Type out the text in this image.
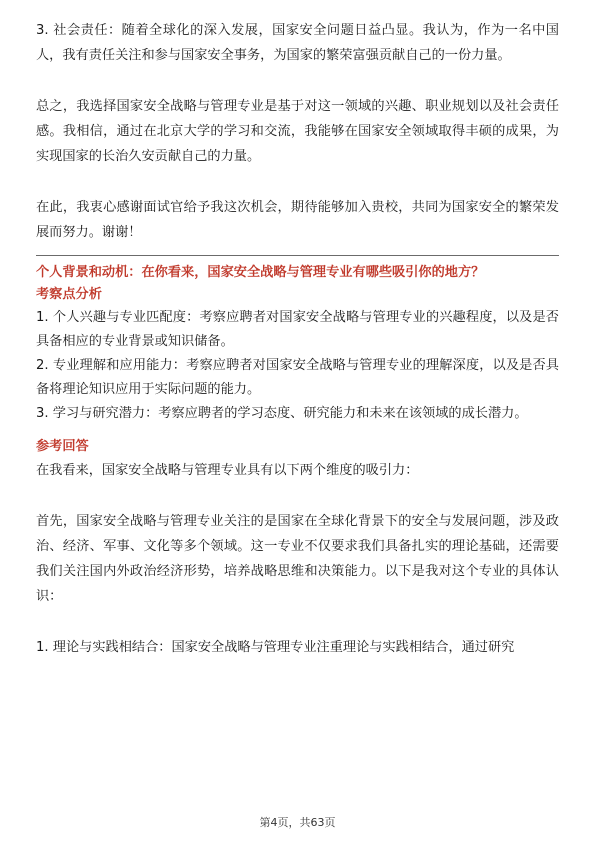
3. 社会责任：随着全球化的深入发展，国家安全问题日益凸显。我认为，作为一名中国人，我有责任关注和参与国家安全事务，为国家的繁荣富强贡献自己的一份力量。

总之，我选择国家安全战略与管理专业是基于对这一领域的兴趣、职业规划以及社会责任感。我相信，通过在北京大学的学习和交流，我能够在国家安全领域取得丰硕的成果，为实现国家的长治久安贡献自己的力量。

在此，我衷心感谢面试官给予我这次机会，期待能够加入贵校，共同为国家安全的繁荣发展而努力。谢谢！

个人背景和动机：在你看来，国家安全战略与管理专业有哪些吸引你的地方？
考察点分析

1. 个人兴趣与专业匹配度：考察应聘者对国家安全战略与管理专业的兴趣程度，以及是否具备相应的专业背景或知识储备。

2. 专业理解和应用能力：考察应聘者对国家安全战略与管理专业的理解深度，以及是否具备将理论知识应用于实际问题的能力。

3. 学习与研究潜力：考察应聘者的学习态度、研究能力和未来在该领域的成长潜力。

参考回答

在我看来，国家安全战略与管理专业具有以下两个维度的吸引力：

首先，国家安全战略与管理专业关注的是国家在全球化背景下的安全与发展问题，涉及政治、经济、军事、文化等多个领域。这一专业不仅要求我们具备扎实的理论基础，还需要我们关注国内外政治经济形势，培养战略思维和决策能力。以下是我对这个专业的具体认识：

1. 理论与实践相结合：国家安全战略与管理专业注重理论与实践相结合，通过研究

第4页，共63页
